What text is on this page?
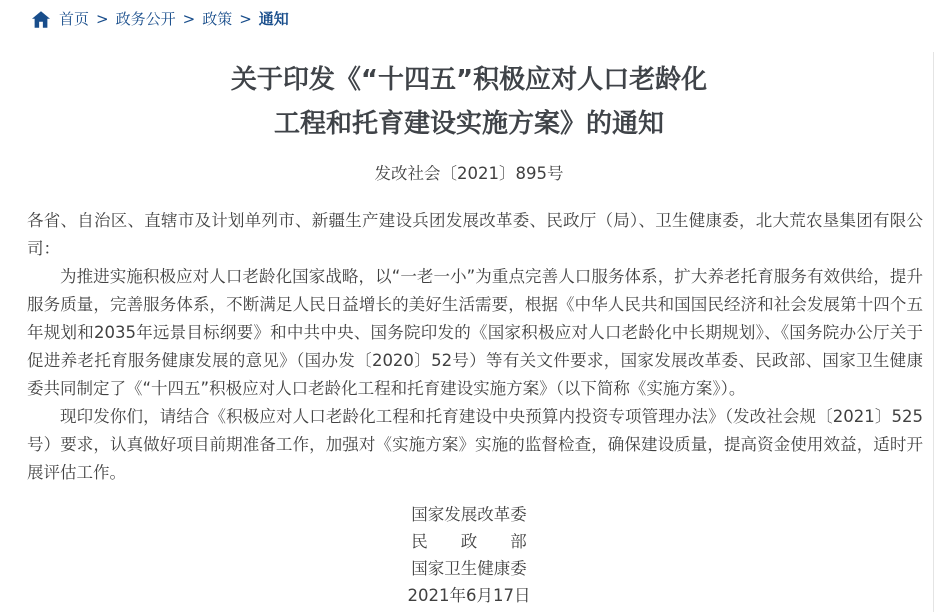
首页 > 政务公开 > 政策 > 通知
关于印发《“十四五”积极应对人口老龄化
工程和托育建设实施方案》的通知
发改社会〔2021〕895号

各省、自治区、直辖市及计划单列市、新疆生产建设兵团发展改革委、民政厅（局）、卫生健康委，北大荒农垦集团有限公司：

为推进实施积极应对人口老龄化国家战略，以“一老一小”为重点完善人口服务体系，扩大养老托育服务有效供给，提升服务质量，完善服务体系，不断满足人民日益增长的美好生活需要，根据《中华人民共和国国民经济和社会发展第十四个五年规划和2035年远景目标纲要》和中共中央、国务院印发的《国家积极应对人口老龄化中长期规划》、《国务院办公厅关于促进养老托育服务健康发展的意见》（国办发〔2020〕52号）等有关文件要求，国家发展改革委、民政部、国家卫生健康委共同制定了《“十四五”积极应对人口老龄化工程和托育建设实施方案》（以下简称《实施方案》）。

现印发你们，请结合《积极应对人口老龄化工程和托育建设中央预算内投资专项管理办法》（发改社会规〔2021〕525号）要求，认真做好项目前期准备工作，加强对《实施方案》实施的监督检查，确保建设质量，提高资金使用效益，适时开展评估工作。

国家发展改革委
民　　政　　部
国家卫生健康委
2021年6月17日
